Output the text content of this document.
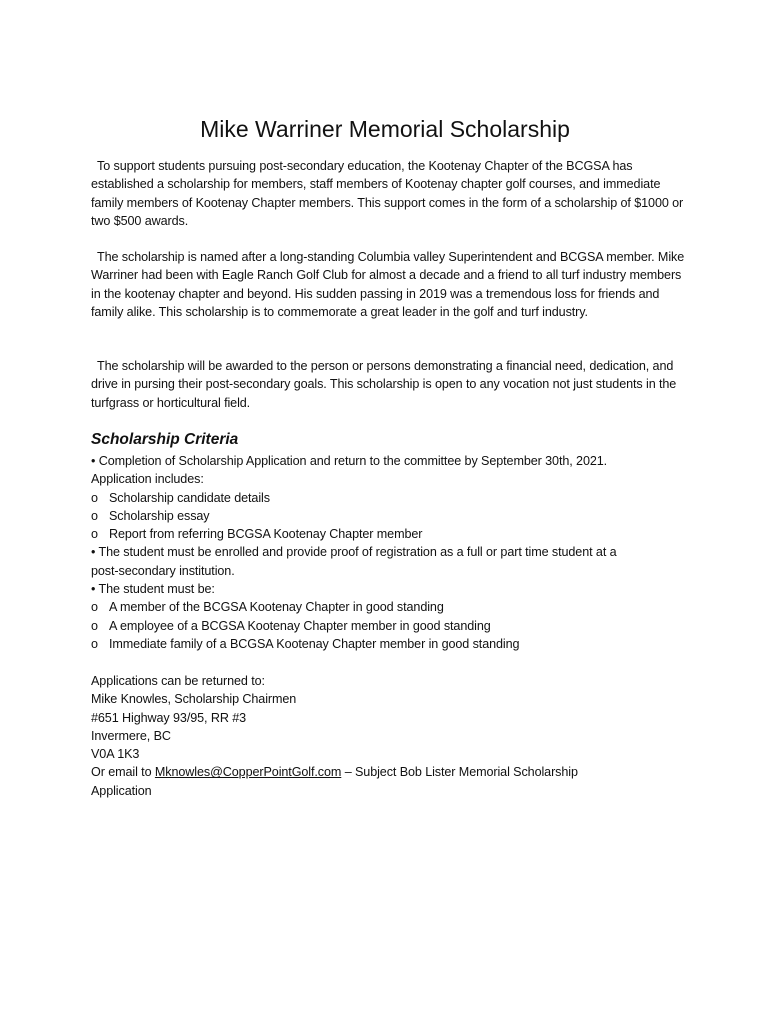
Mike Warriner Memorial Scholarship

To support students pursuing post-secondary education, the Kootenay Chapter of the BCGSA has established a scholarship for members, staff members of Kootenay chapter golf courses, and immediate family members of Kootenay Chapter members. This support comes in the form of a scholarship of $1000 or two $500 awards.

The scholarship is named after a long-standing Columbia valley Superintendent and BCGSA member. Mike Warriner had been with Eagle Ranch Golf Club for almost a decade and a friend to all turf industry members in the kootenay chapter and beyond. His sudden passing in 2019 was a tremendous loss for friends and family alike. This scholarship is to commemorate a great leader in the golf and turf industry.

The scholarship will be awarded to the person or persons demonstrating a financial need, dedication, and drive in pursing their post-secondary goals. This scholarship is open to any vocation not just students in the turfgrass or horticultural field.

Scholarship Criteria

• Completion of Scholarship Application and return to the committee by September 30th, 2021.

Application includes:

o Scholarship candidate details

o Scholarship essay

o Report from referring BCGSA Kootenay Chapter member

• The student must be enrolled and provide proof of registration as a full or part time student at a

post-secondary institution.

• The student must be:

o A member of the BCGSA Kootenay Chapter in good standing

o A employee of a BCGSA Kootenay Chapter member in good standing

o Immediate family of a BCGSA Kootenay Chapter member in good standing

Applications can be returned to:

Mike Knowles, Scholarship Chairmen

#651 Highway 93/95, RR #3

Invermere, BC

V0A 1K3

Or email to Mknowles@CopperPointGolf.com – Subject Bob Lister Memorial Scholarship

Application
